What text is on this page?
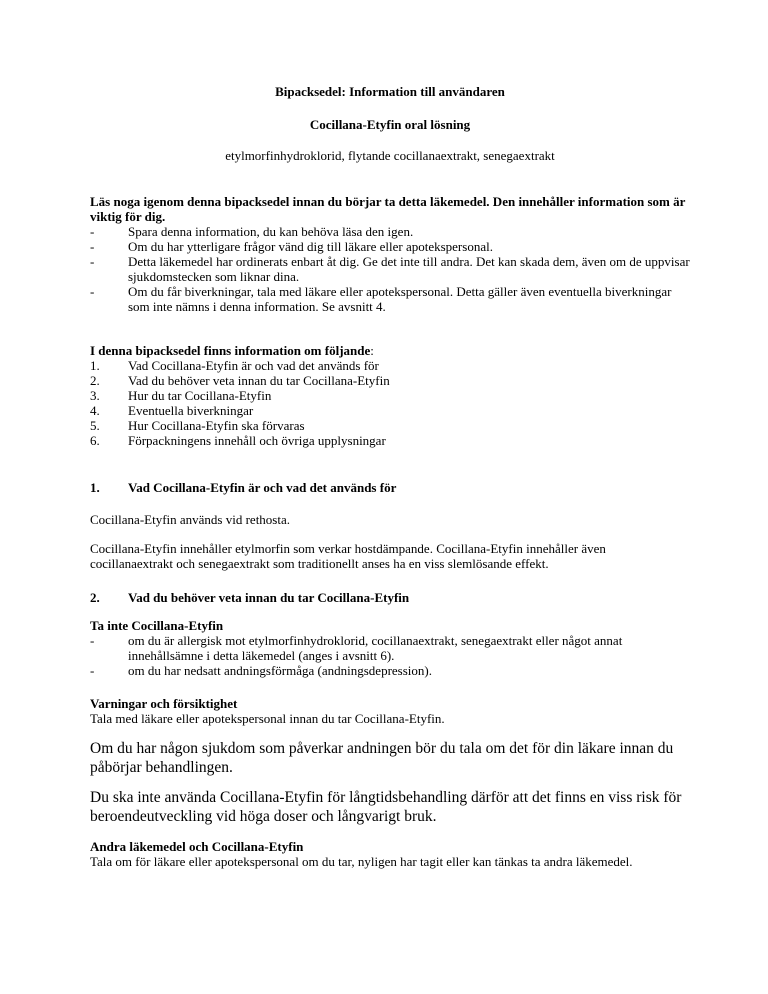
Bipacksedel: Information till användaren

Cocillana-Etyfin oral lösning

etylmorfinhydroklorid, flytande cocillanaextrakt, senegaextrakt

Läs noga igenom denna bipacksedel innan du börjar ta detta läkemedel. Den innehåller information som är viktig för dig.

-	Spara denna information, du kan behöva läsa den igen.
-	Om du har ytterligare frågor vänd dig till läkare eller apotekspersonal.
-	Detta läkemedel har ordinerats enbart åt dig. Ge det inte till andra. Det kan skada dem, även om de uppvisar sjukdomstecken som liknar dina.
-	Om du får biverkningar, tala med läkare eller apotekspersonal. Detta gäller även eventuella biverkningar som inte nämns i denna information. Se avsnitt 4.

I denna bipacksedel finns information om följande:

1. Vad Cocillana-Etyfin är och vad det används för
2. Vad du behöver veta innan du tar Cocillana-Etyfin
3. Hur du tar Cocillana-Etyfin
4. Eventuella biverkningar
5. Hur Cocillana-Etyfin ska förvaras
6. Förpackningens innehåll och övriga upplysningar
1. Vad Cocillana-Etyfin är och vad det används för

Cocillana-Etyfin används vid rethosta.

Cocillana-Etyfin innehåller etylmorfin som verkar hostdämpande. Cocillana-Etyfin innehåller även cocillanaextrakt och senegaextrakt som traditionellt anses ha en viss slemlösande effekt.

2. Vad du behöver veta innan du tar Cocillana-Etyfin

Ta inte Cocillana-Etyfin

-	om du är allergisk mot etylmorfinhydroklorid, cocillanaextrakt, senegaextrakt eller något annat innehållsämne i detta läkemedel (anges i avsnitt 6).
-	om du har nedsatt andningsförmåga (andningsdepression).

Varningar och försiktighet

Tala med läkare eller apotekspersonal innan du tar Cocillana-Etyfin.

Om du har någon sjukdom som påverkar andningen bör du tala om det för din läkare innan du påbörjar behandlingen.

Du ska inte använda Cocillana-Etyfin för långtidsbehandling därför att det finns en viss risk för beroendeutveckling vid höga doser och långvarigt bruk.

Andra läkemedel och Cocillana-Etyfin

Tala om för läkare eller apotekspersonal om du tar, nyligen har tagit eller kan tänkas ta andra läkemedel.
